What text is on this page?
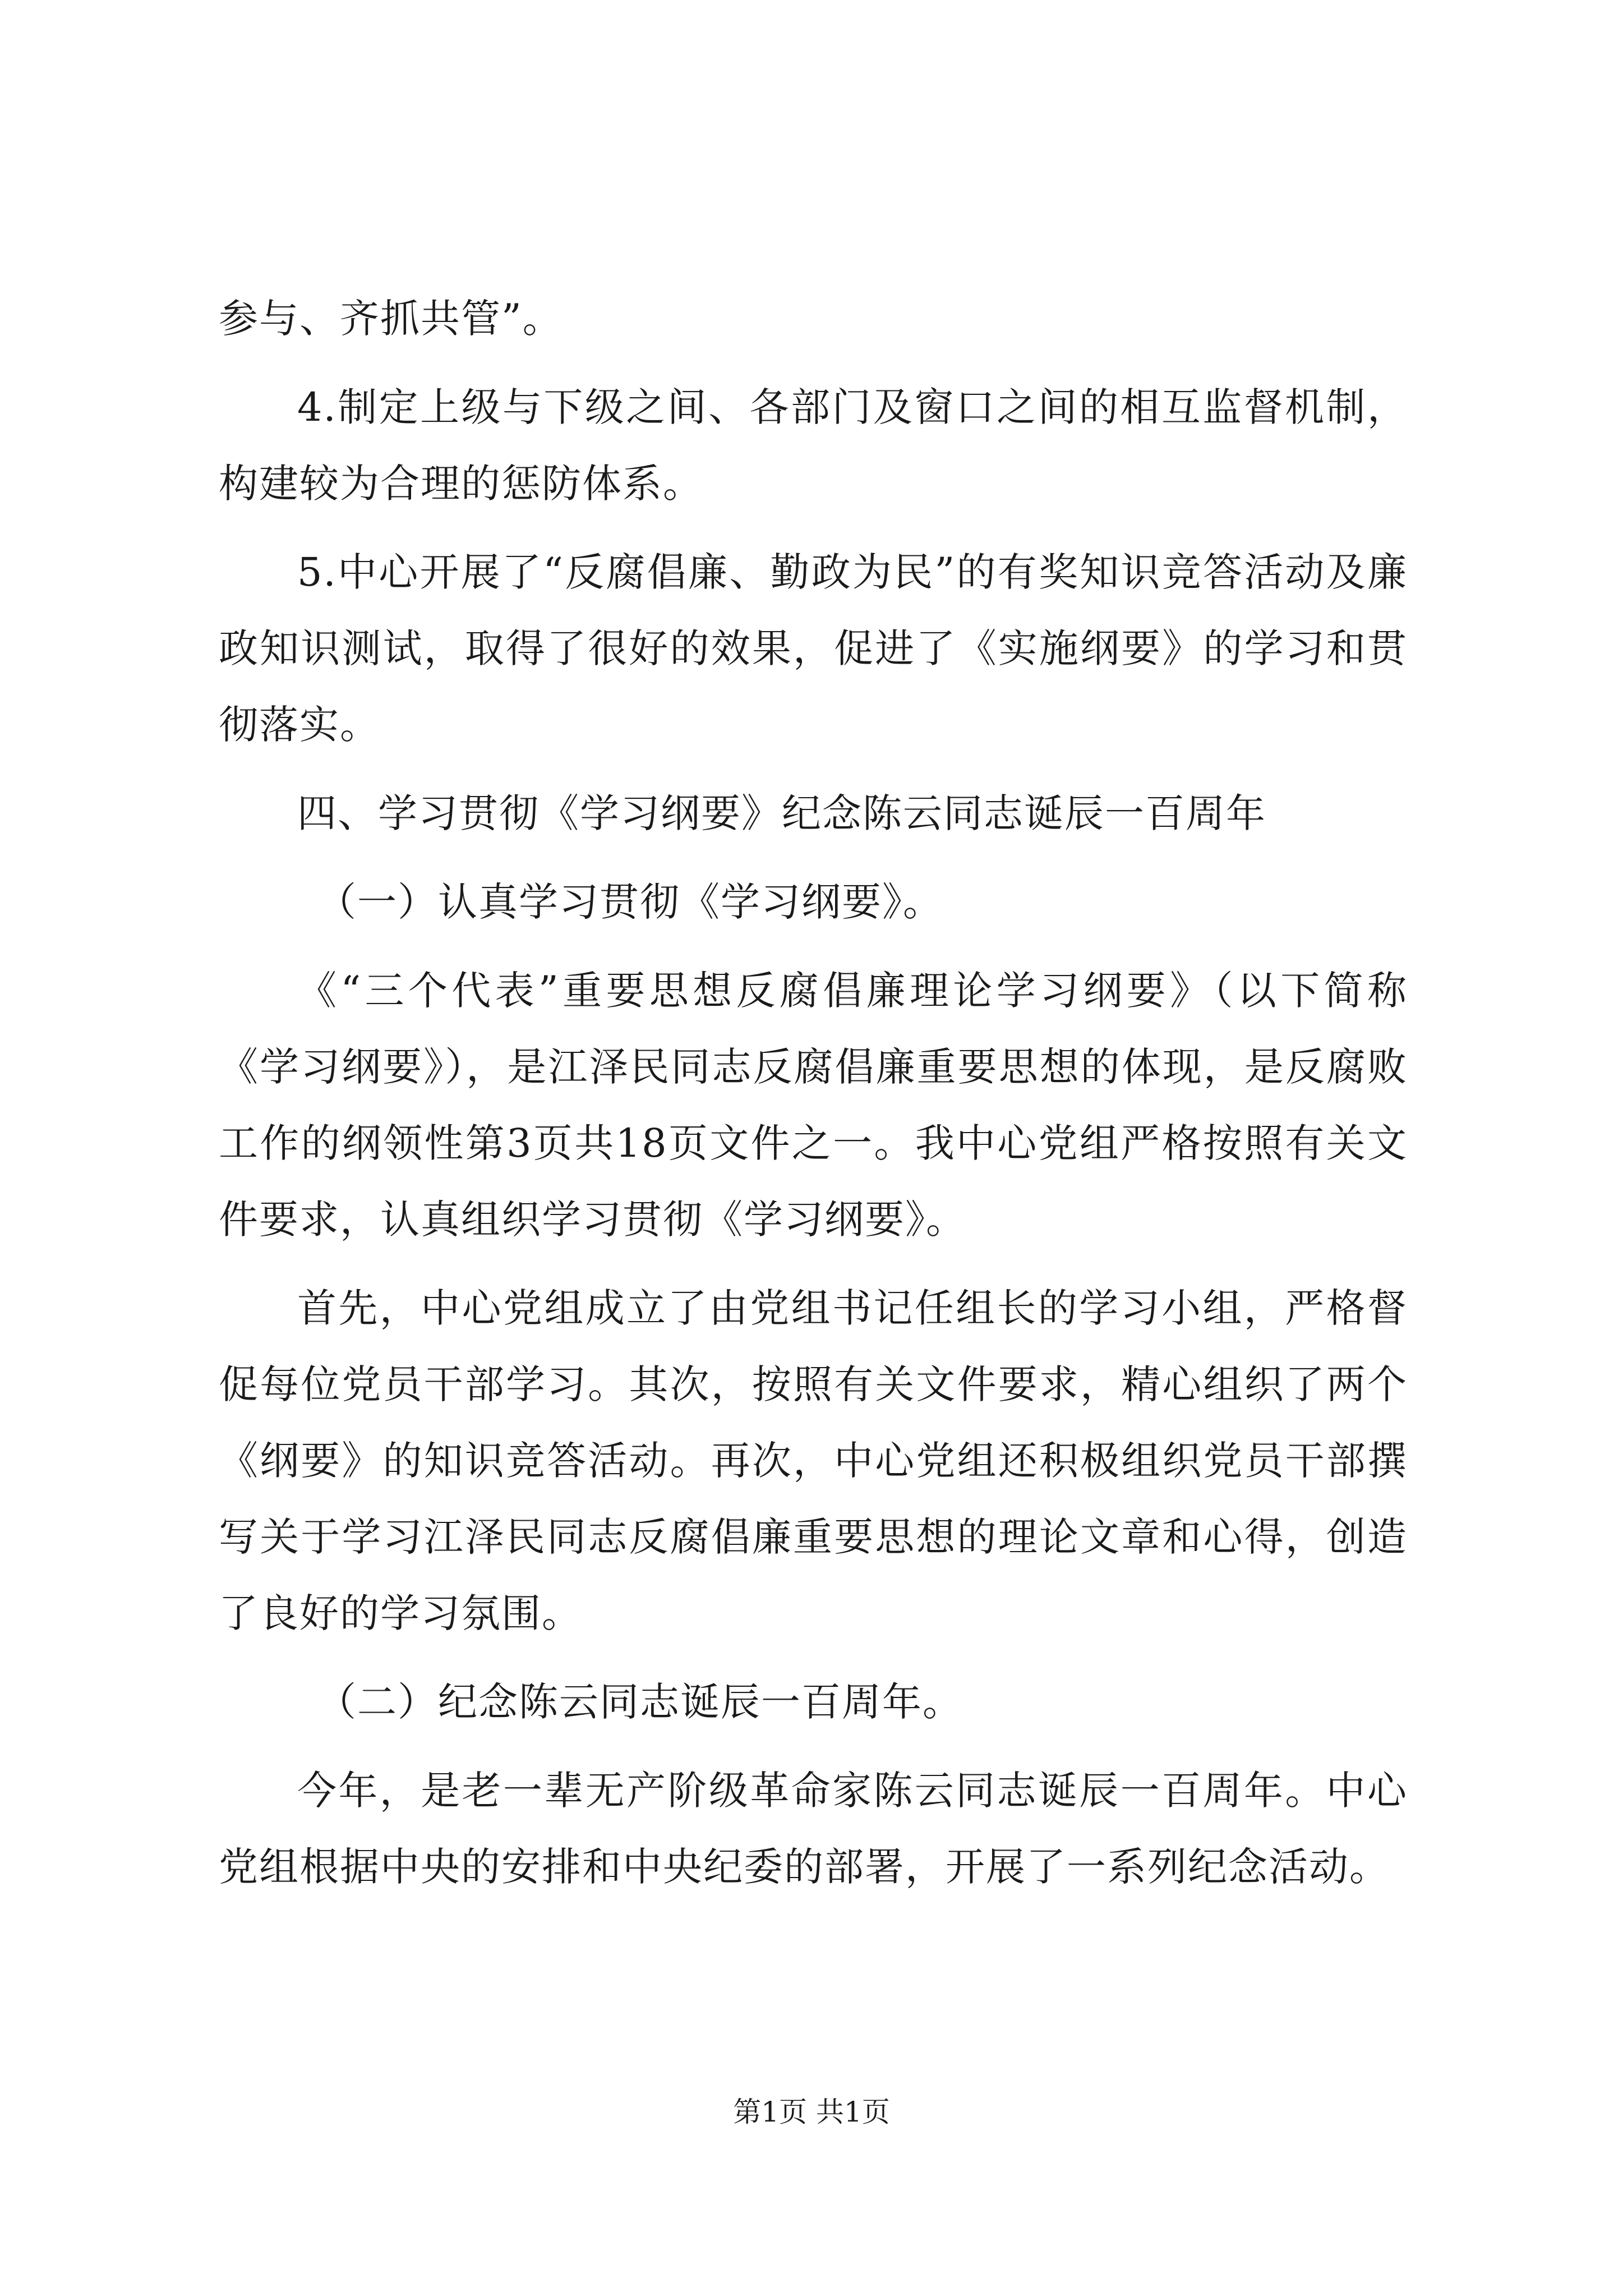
参与、齐抓共管”。

4.制定上级与下级之间、各部门及窗口之间的相互监督机制，构建较为合理的惩防体系。

5.中心开展了“反腐倡廉、勤政为民”的有奖知识竞答活动及廉政知识测试，取得了很好的效果，促进了《实施纲要》的学习和贯彻落实。

四、学习贯彻《学习纲要》纪念陈云同志诞辰一百周年

（一）认真学习贯彻《学习纲要》。

《“三个代表”重要思想反腐倡廉理论学习纲要》（以下简称《学习纲要》），是江泽民同志反腐倡廉重要思想的体现，是反腐败工作的纲领性第3页共18页文件之一。我中心党组严格按照有关文件要求，认真组织学习贯彻《学习纲要》。

首先，中心党组成立了由党组书记任组长的学习小组，严格督促每位党员干部学习。其次，按照有关文件要求，精心组织了两个《纲要》的知识竞答活动。再次，中心党组还积极组织党员干部撰写关于学习江泽民同志反腐倡廉重要思想的理论文章和心得，创造了良好的学习氛围。

（二）纪念陈云同志诞辰一百周年。

今年，是老一辈无产阶级革命家陈云同志诞辰一百周年。中心党组根据中央的安排和中央纪委的部署，开展了一系列纪念活动。

第1页 共1页
